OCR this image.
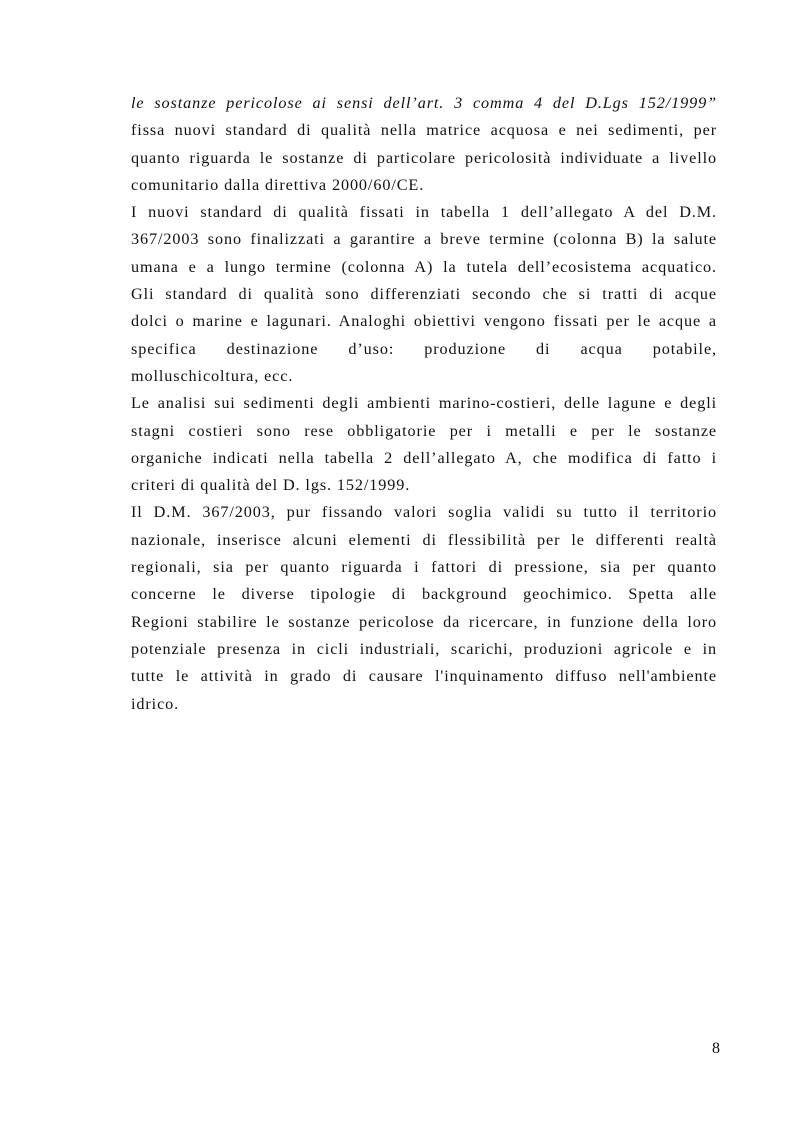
le sostanze pericolose ai sensi dell’art. 3 comma 4 del D.Lgs 152/1999”
fissa nuovi standard di qualità nella matrice acquosa e nei sedimenti, per
quanto riguarda le sostanze di particolare pericolosità individuate a livello
comunitario dalla direttiva 2000/60/CE.
I nuovi standard di qualità fissati in tabella 1 dell’allegato A del D.M.
367/2003 sono finalizzati a garantire a breve termine (colonna B) la salute
umana e a lungo termine (colonna A) la tutela dell’ecosistema acquatico.
Gli standard di qualità sono differenziati secondo che si tratti di acque
dolci o marine e lagunari. Analoghi obiettivi vengono fissati per le acque a
specifica destinazione d’uso: produzione di acqua potabile,
molluschicoltura, ecc.
Le analisi sui sedimenti degli ambienti marino-costieri, delle lagune e degli
stagni costieri sono rese obbligatorie per i metalli e per le sostanze
organiche indicati nella tabella 2 dell’allegato A, che modifica di fatto i
criteri di qualità del D. lgs. 152/1999.
Il D.M. 367/2003, pur fissando valori soglia validi su tutto il territorio
nazionale, inserisce alcuni elementi di flessibilità per le differenti realtà
regionali, sia per quanto riguarda i fattori di pressione, sia per quanto
concerne le diverse tipologie di background geochimico. Spetta alle
Regioni stabilire le sostanze pericolose da ricercare, in funzione della loro
potenziale presenza in cicli industriali, scarichi, produzioni agricole e in
tutte le attività in grado di causare l'inquinamento diffuso nell'ambiente
idrico.
8
